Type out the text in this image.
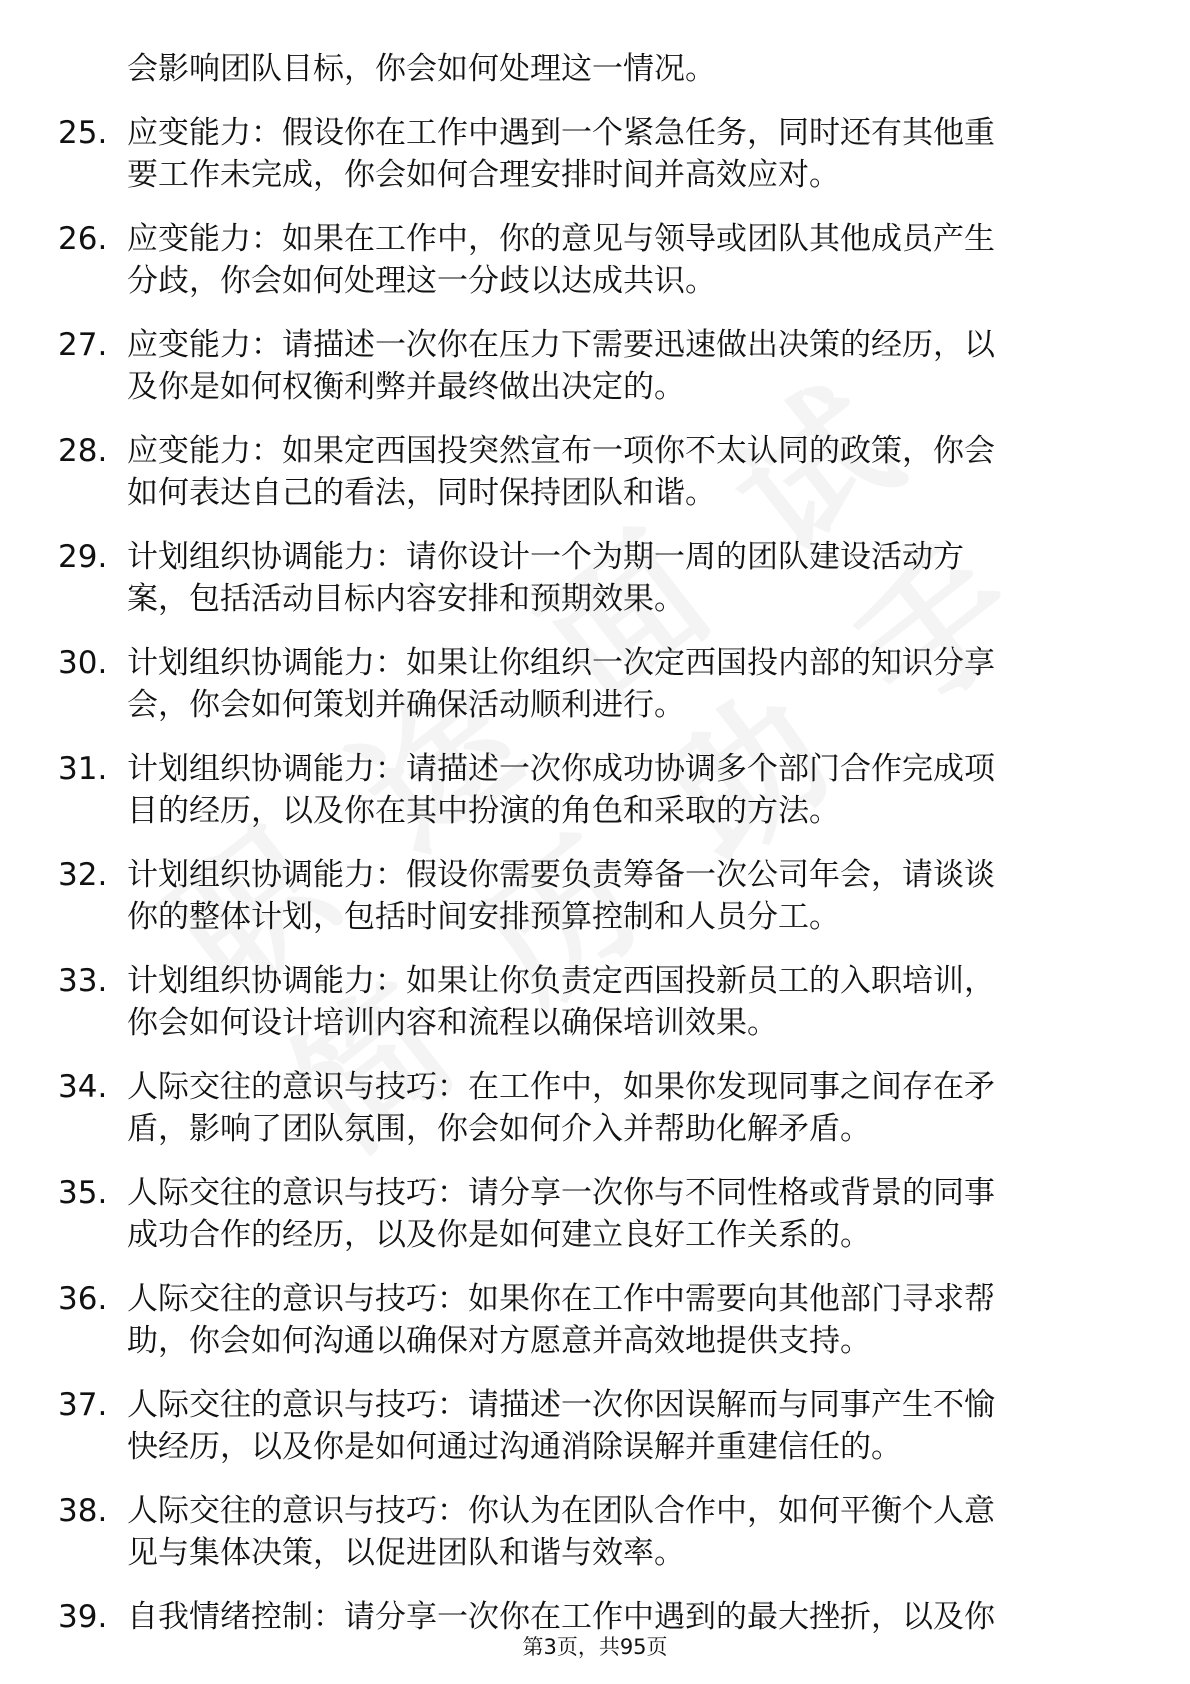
会影响团队目标，你会如何处理这一情况。
25. 应变能力：假设你在工作中遇到一个紧急任务，同时还有其他重
要工作未完成，你会如何合理安排时间并高效应对。
26. 应变能力：如果在工作中，你的意见与领导或团队其他成员产生
分歧，你会如何处理这一分歧以达成共识。
27. 应变能力：请描述一次你在压力下需要迅速做出决策的经历，以
及你是如何权衡利弊并最终做出决定的。
28. 应变能力：如果定西国投突然宣布一项你不太认同的政策，你会
如何表达自己的看法，同时保持团队和谐。
29. 计划组织协调能力：请你设计一个为期一周的团队建设活动方
案，包括活动目标内容安排和预期效果。
30. 计划组织协调能力：如果让你组织一次定西国投内部的知识分享
会，你会如何策划并确保活动顺利进行。
31. 计划组织协调能力：请描述一次你成功协调多个部门合作完成项
目的经历，以及你在其中扮演的角色和采取的方法。
32. 计划组织协调能力：假设你需要负责筹备一次公司年会，请谈谈
你的整体计划，包括时间安排预算控制和人员分工。
33. 计划组织协调能力：如果让你负责定西国投新员工的入职培训，
你会如何设计培训内容和流程以确保培训效果。
34. 人际交往的意识与技巧：在工作中，如果你发现同事之间存在矛
盾，影响了团队氛围，你会如何介入并帮助化解矛盾。
35. 人际交往的意识与技巧：请分享一次你与不同性格或背景的同事
成功合作的经历，以及你是如何建立良好工作关系的。
36. 人际交往的意识与技巧：如果你在工作中需要向其他部门寻求帮
助，你会如何沟通以确保对方愿意并高效地提供支持。
37. 人际交往的意识与技巧：请描述一次你因误解而与同事产生不愉
快经历，以及你是如何通过沟通消除误解并重建信任的。
38. 人际交往的意识与技巧：你认为在团队合作中，如何平衡个人意
见与集体决策，以促进团队和谐与效率。
39. 自我情绪控制：请分享一次你在工作中遇到的最大挫折，以及你
第3页，共95页
